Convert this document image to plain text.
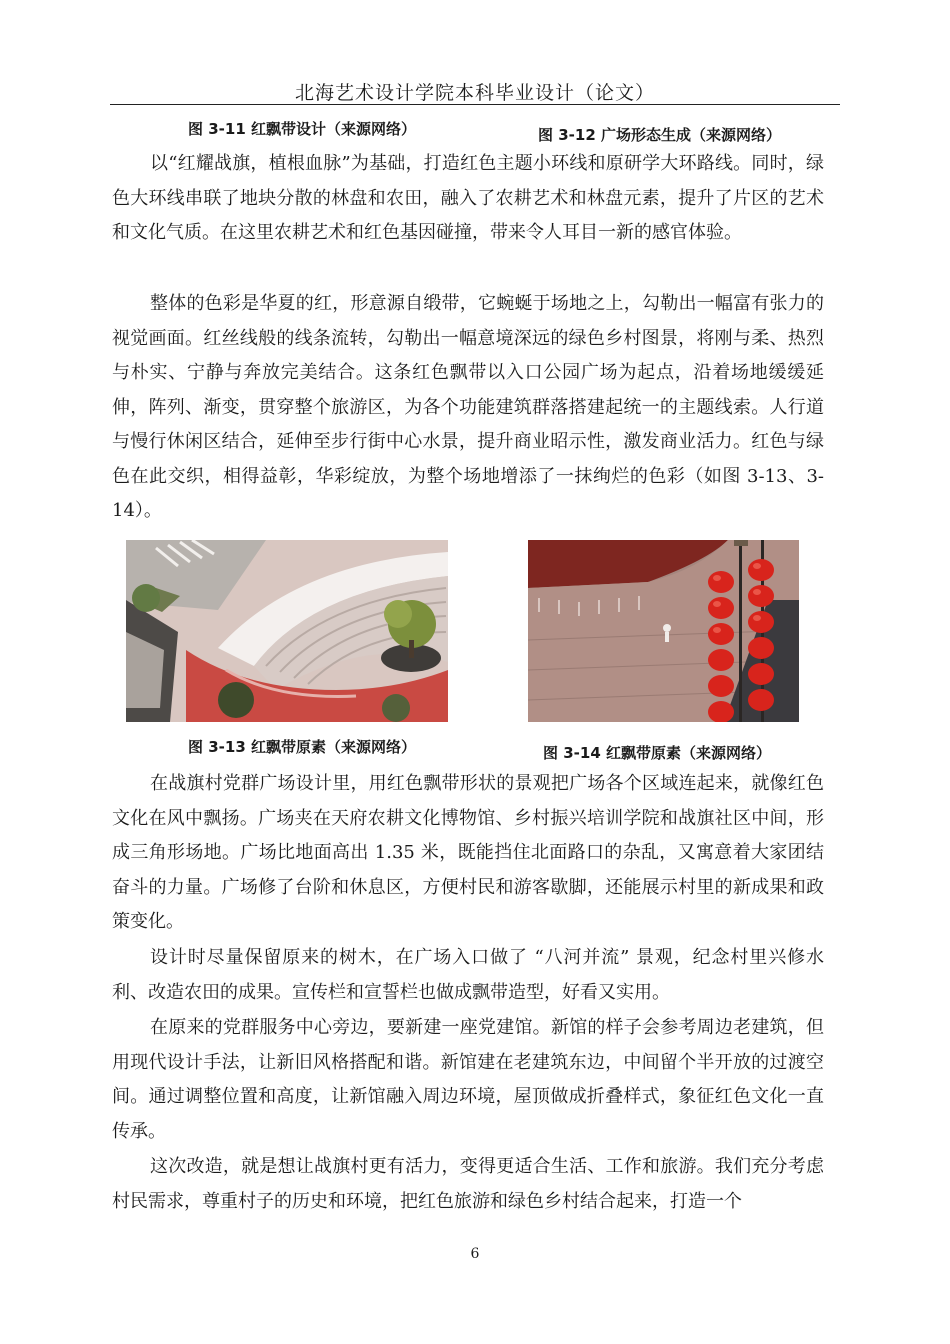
北海艺术设计学院本科毕业设计（论文）
图 3-11 红飘带设计（来源网络）	图 3-12 广场形态生成（来源网络）
以“红耀战旗，植根血脉”为基础，打造红色主题小环线和原研学大环路线。同时，绿色大环线串联了地块分散的林盘和农田，融入了农耕艺术和林盘元素，提升了片区的艺术和文化气质。在这里农耕艺术和红色基因碰撞，带来令人耳目一新的感官体验。
整体的色彩是华夏的红，形意源自缎带，它蜿蜒于场地之上，勾勒出一幅富有张力的视觉画面。红丝线般的线条流转，勾勒出一幅意境深远的绿色乡村图景，将刚与柔、热烈与朴实、宁静与奔放完美结合。这条红色飘带以入口公园广场为起点，沿着场地缓缓延伸，阵列、渐变，贯穿整个旅游区，为各个功能建筑群落搭建起统一的主题线索。人行道与慢行休闲区结合，延伸至步行街中心水景，提升商业昭示性，激发商业活力。红色与绿色在此交织，相得益彰，华彩绽放，为整个场地增添了一抹绚烂的色彩（如图 3-13、3-14）。
图 3-13 红飘带原素（来源网络）	图 3-14 红飘带原素（来源网络）
在战旗村党群广场设计里，用红色飘带形状的景观把广场各个区域连起来，就像红色文化在风中飘扬。广场夹在天府农耕文化博物馆、乡村振兴培训学院和战旗社区中间，形成三角形场地。广场比地面高出 1.35 米，既能挡住北面路口的杂乱，又寓意着大家团结奋斗的力量。广场修了台阶和休息区，方便村民和游客歇脚，还能展示村里的新成果和政策变化。
设计时尽量保留原来的树木，在广场入口做了 “八河并流” 景观，纪念村里兴修水利、改造农田的成果。宣传栏和宣誓栏也做成飘带造型，好看又实用。
在原来的党群服务中心旁边，要新建一座党建馆。新馆的样子会参考周边老建筑，但用现代设计手法，让新旧风格搭配和谐。新馆建在老建筑东边，中间留个半开放的过渡空间。通过调整位置和高度，让新馆融入周边环境，屋顶做成折叠样式，象征红色文化一直传承。
这次改造，就是想让战旗村更有活力，变得更适合生活、工作和旅游。我们充分考虑村民需求，尊重村子的历史和环境，把红色旅游和绿色乡村结合起来，打造一个
6
